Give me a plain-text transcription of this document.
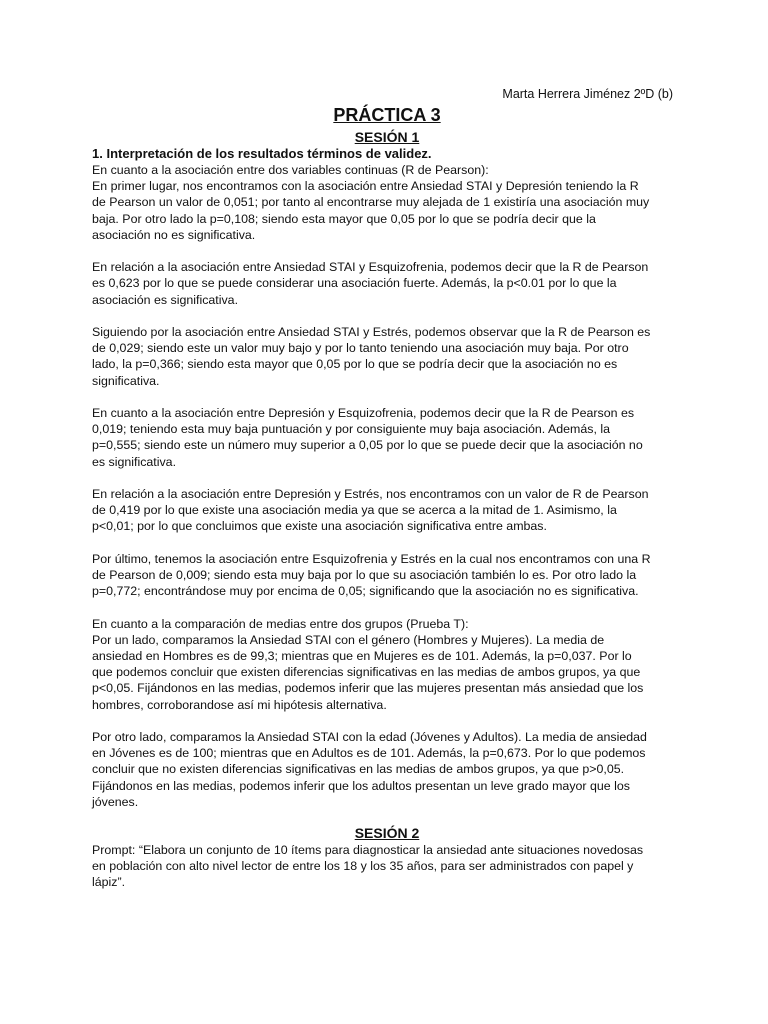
Marta Herrera Jiménez 2ºD (b)
PRÁCTICA 3
SESIÓN 1

1. Interpretación de los resultados términos de validez.

En cuanto a la asociación entre dos variables continuas (R de Pearson):
En primer lugar, nos encontramos con la asociación entre Ansiedad STAI y Depresión teniendo la R
de Pearson un valor de 0,051; por tanto al encontrarse muy alejada de 1 existiría una asociación muy
baja. Por otro lado la p=0,108; siendo esta mayor que 0,05 por lo que se podría decir que la
asociación no es significativa.
En relación a la asociación entre Ansiedad STAI y Esquizofrenia, podemos decir que la R de Pearson
es 0,623 por lo que se puede considerar una asociación fuerte. Además, la p<0.01 por lo que la
asociación es significativa.
Siguiendo por la asociación entre Ansiedad STAI y Estrés, podemos observar que la R de Pearson es
de 0,029; siendo este un valor muy bajo y por lo tanto teniendo una asociación muy baja. Por otro
lado, la p=0,366; siendo esta mayor que 0,05 por lo que se podría decir que la asociación no es
significativa.
En cuanto a la asociación entre Depresión y Esquizofrenia, podemos decir que la R de Pearson es
0,019; teniendo esta muy baja puntuación y por consiguiente muy baja asociación. Además, la
p=0,555; siendo este un número muy superior a 0,05 por lo que se puede decir que la asociación no
es significativa.
En relación a la asociación entre Depresión y Estrés, nos encontramos con un valor de R de Pearson
de 0,419 por lo que existe una asociación media ya que se acerca a la mitad de 1. Asimismo, la
p<0,01; por lo que concluimos que existe una asociación significativa entre ambas.
Por último, tenemos la asociación entre Esquizofrenia y Estrés en la cual nos encontramos con una R
de Pearson de 0,009; siendo esta muy baja por lo que su asociación también lo es. Por otro lado la
p=0,772; encontrándose muy por encima de 0,05; significando que la asociación no es significativa.
En cuanto a la comparación de medias entre dos grupos (Prueba T):
Por un lado, comparamos la Ansiedad STAI con el género (Hombres y Mujeres). La media de
ansiedad en Hombres es de 99,3; mientras que en Mujeres es de 101. Además, la p=0,037. Por lo
que podemos concluir que existen diferencias significativas en las medias de ambos grupos, ya que
p<0,05. Fijándonos en las medias, podemos inferir que las mujeres presentan más ansiedad que los
hombres, corroborandose así mi hipótesis alternativa.
Por otro lado, comparamos la Ansiedad STAI con la edad (Jóvenes y Adultos). La media de ansiedad
en Jóvenes es de 100; mientras que en Adultos es de 101. Además, la p=0,673. Por lo que podemos
concluir que no existen diferencias significativas en las medias de ambos grupos, ya que p>0,05.
Fijándonos en las medias, podemos inferir que los adultos presentan un leve grado mayor que los
jóvenes.
SESIÓN 2
Prompt: “Elabora un conjunto de 10 ítems para diagnosticar la ansiedad ante situaciones novedosas
en población con alto nivel lector de entre los 18 y los 35 años, para ser administrados con papel y
lápiz”.
